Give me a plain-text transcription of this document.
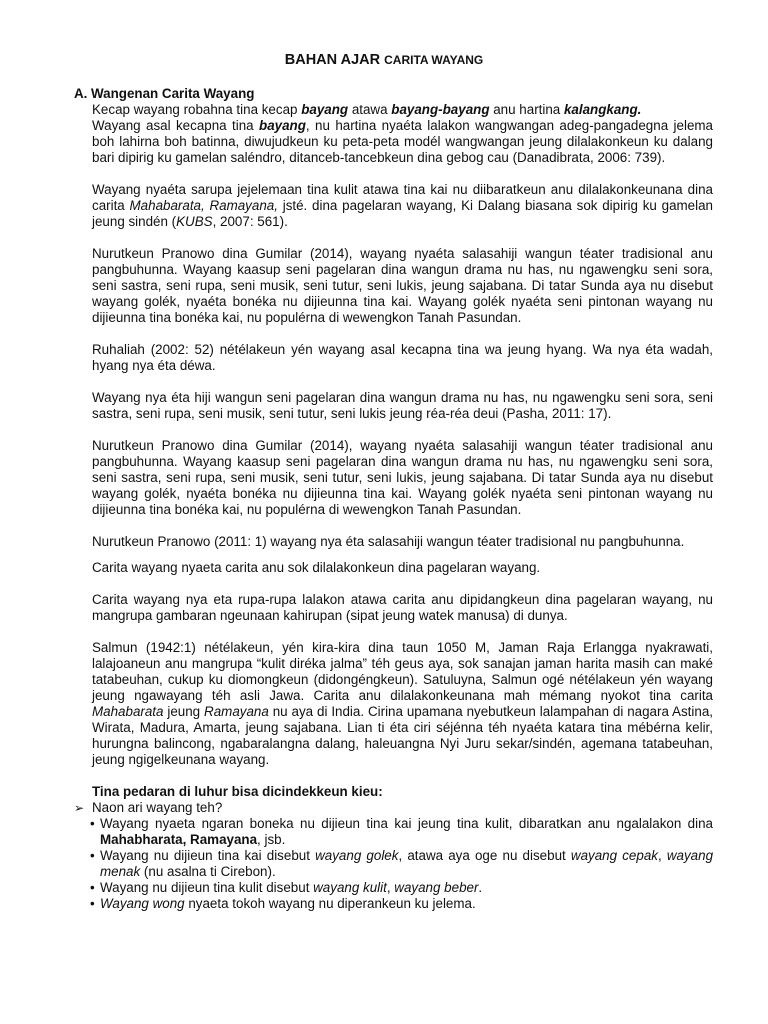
BAHAN AJAR CARITA WAYANG
A. Wangenan Carita Wayang

Kecap wayang robahna tina kecap bayang atawa bayang-bayang anu hartina kalangkang.

Wayang asal kecapna tina bayang, nu hartina nyaéta lalakon wangwangan adeg-pangadegna jelema boh lahirna boh batinna, diwujudkeun ku peta-peta modél wangwangan jeung dilalakonkeun ku dalang bari dipirig ku gamelan saléndro, ditanceb-tancebkeun dina gebog cau (Danadibrata, 2006: 739).

Wayang nyaéta sarupa jejelemaan tina kulit atawa tina kai nu diibaratkeun anu dilalakonkeunana dina carita Mahabarata, Ramayana, jsté. dina pagelaran wayang, Ki Dalang biasana sok dipirig ku gamelan jeung sindén (KUBS, 2007: 561).

Nurutkeun Pranowo dina Gumilar (2014), wayang nyaéta salasahiji wangun téater tradisional anu pangbuhunna. Wayang kaasup seni pagelaran dina wangun drama nu has, nu ngawengku seni sora, seni sastra, seni rupa, seni musik, seni tutur, seni lukis, jeung sajabana. Di tatar Sunda aya nu disebut wayang golék, nyaéta bonéka nu dijieunna tina kai. Wayang golék nyaéta seni pintonan wayang nu dijieunna tina bonéka kai, nu populérna di wewengkon Tanah Pasundan.

Ruhaliah (2002: 52) nétélakeun yén wayang asal kecapna tina wa jeung hyang. Wa nya éta wadah, hyang nya éta déwa.

Wayang nya éta hiji wangun seni pagelaran dina wangun drama nu has, nu ngawengku seni sora, seni sastra, seni rupa, seni musik, seni tutur, seni lukis jeung réa-réa deui (Pasha, 2011: 17).

Nurutkeun Pranowo dina Gumilar (2014), wayang nyaéta salasahiji wangun téater tradisional anu pangbuhunna. Wayang kaasup seni pagelaran dina wangun drama nu has, nu ngawengku seni sora, seni sastra, seni rupa, seni musik, seni tutur, seni lukis, jeung sajabana. Di tatar Sunda aya nu disebut wayang golék, nyaéta bonéka nu dijieunna tina kai. Wayang golék nyaéta seni pintonan wayang nu dijieunna tina bonéka kai, nu populérna di wewengkon Tanah Pasundan.

Nurutkeun Pranowo (2011: 1) wayang nya éta salasahiji wangun téater tradisional nu pangbuhunna.

Carita wayang nyaeta carita anu sok dilalakonkeun dina pagelaran wayang.

Carita wayang nya eta rupa-rupa lalakon atawa carita anu dipidangkeun dina pagelaran wayang, nu mangrupa gambaran ngeunaan kahirupan (sipat jeung watek manusa) di dunya.

Salmun (1942:1) nétélakeun, yén kira-kira dina taun 1050 M, Jaman Raja Erlangga nyakrawati, lalajoaneun anu mangrupa “kulit diréka jalma” téh geus aya, sok sanajan jaman harita masih can maké tatabeuhan, cukup ku diomongkeun (didongéngkeun). Satuluyna, Salmun ogé nétélakeun yén wayang jeung ngawayang téh asli Jawa. Carita anu dilalakonkeunana mah mémang nyokot tina carita Mahabarata jeung Ramayana nu aya di India. Cirina upamana nyebutkeun lalampahan di nagara Astina, Wirata, Madura, Amarta, jeung sajabana. Lian ti éta ciri séjénna téh nyaéta katara tina mébérna kelir, hurungna balincong, ngabaralangna dalang, haleuangna Nyi Juru sekar/sindén, agemana tatabeuhan, jeung ngigelkeunana wayang.

Tina pedaran di luhur bisa dicindekkeun kieu:

➢ Naon ari wayang teh?

• Wayang nyaeta ngaran boneka nu dijieun tina kai jeung tina kulit, dibaratkan anu ngalalakon dina Mahabharata, Ramayana, jsb.
• Wayang nu dijieun tina kai disebut wayang golek, atawa aya oge nu disebut wayang cepak, wayang menak (nu asalna ti Cirebon).
• Wayang nu dijieun tina kulit disebut wayang kulit, wayang beber.
• Wayang wong nyaeta tokoh wayang nu diperankeun ku jelema.
